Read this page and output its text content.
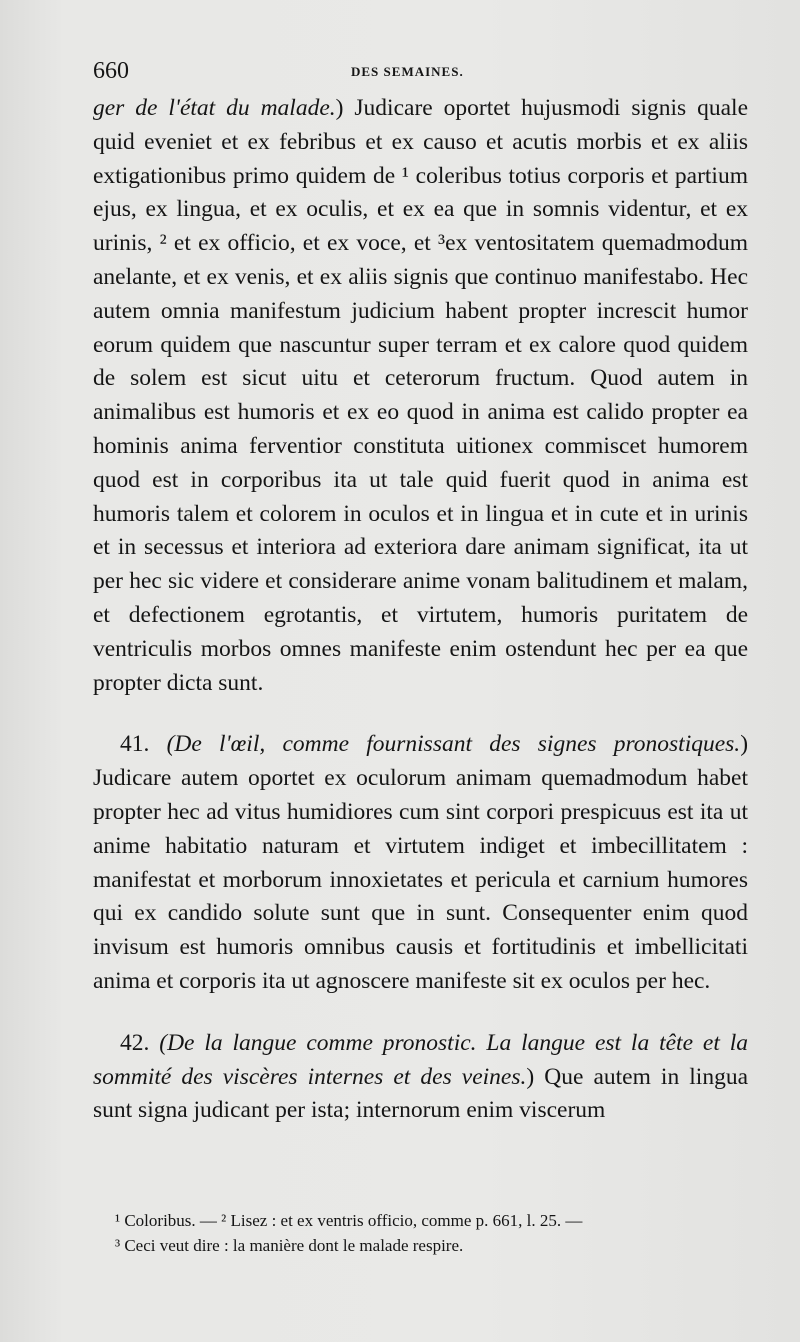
660	DES SEMAINES.

ger de l'état du malade.) Judicare oportet hujusmodi signis quale quid eveniet et ex febribus et ex causo et acutis morbis et ex aliis extigationibus primo quidem de ¹ coleribus totius corporis et partium ejus, ex lingua, et ex oculis, et ex ea que in somnis videntur, et ex urinis, ² et ex officio, et ex voce, et ³ex ventositatem quemadmodum anelante, et ex venis, et ex aliis signis que continuo manifestabo. Hec autem omnia manifestum judicium habent propter increscit humor eorum quidem que nascuntur super terram et ex calore quod quidem de solem est sicut uitu et ceterorum fructum. Quod autem in animalibus est humoris et ex eo quod in anima est calido propter ea hominis anima ferventior constituta uitionex commiscet humorem quod est in corporibus ita ut tale quid fuerit quod in anima est humoris talem et colorem in oculos et in lingua et in cute et in urinis et in secessus et interiora ad exteriora dare animam significat, ita ut per hec sic videre et considerare anime vonam balitudinem et malam, et defectionem egrotantis, et virtutem, humoris puritatem de ventriculis morbos omnes manifeste enim ostendunt hec per ea que propter dicta sunt.

41. (De l'œil, comme fournissant des signes pronostiques.) Judicare autem oportet ex oculorum animam quemadmodum habet propter hec ad vitus humidiores cum sint corpori prespicuus est ita ut anime habitatio naturam et virtutem indiget et imbecillitatem : manifestat et morborum innoxietates et pericula et carnium humores qui ex candido solute sunt que in sunt. Consequenter enim quod invisum est humoris omnibus causis et fortitudinis et imbellicitati anima et corporis ita ut agnoscere manifeste sit ex oculos per hec.

42. (De la langue comme pronostic. La langue est la tête et la sommité des viscères internes et des veines.) Que autem in lingua sunt signa judicant per ista; internorum enim viscerum

¹ Coloribus. — ² Lisez : et ex ventris officio, comme p. 661, l. 25. —

³ Ceci veut dire : la manière dont le malade respire.
